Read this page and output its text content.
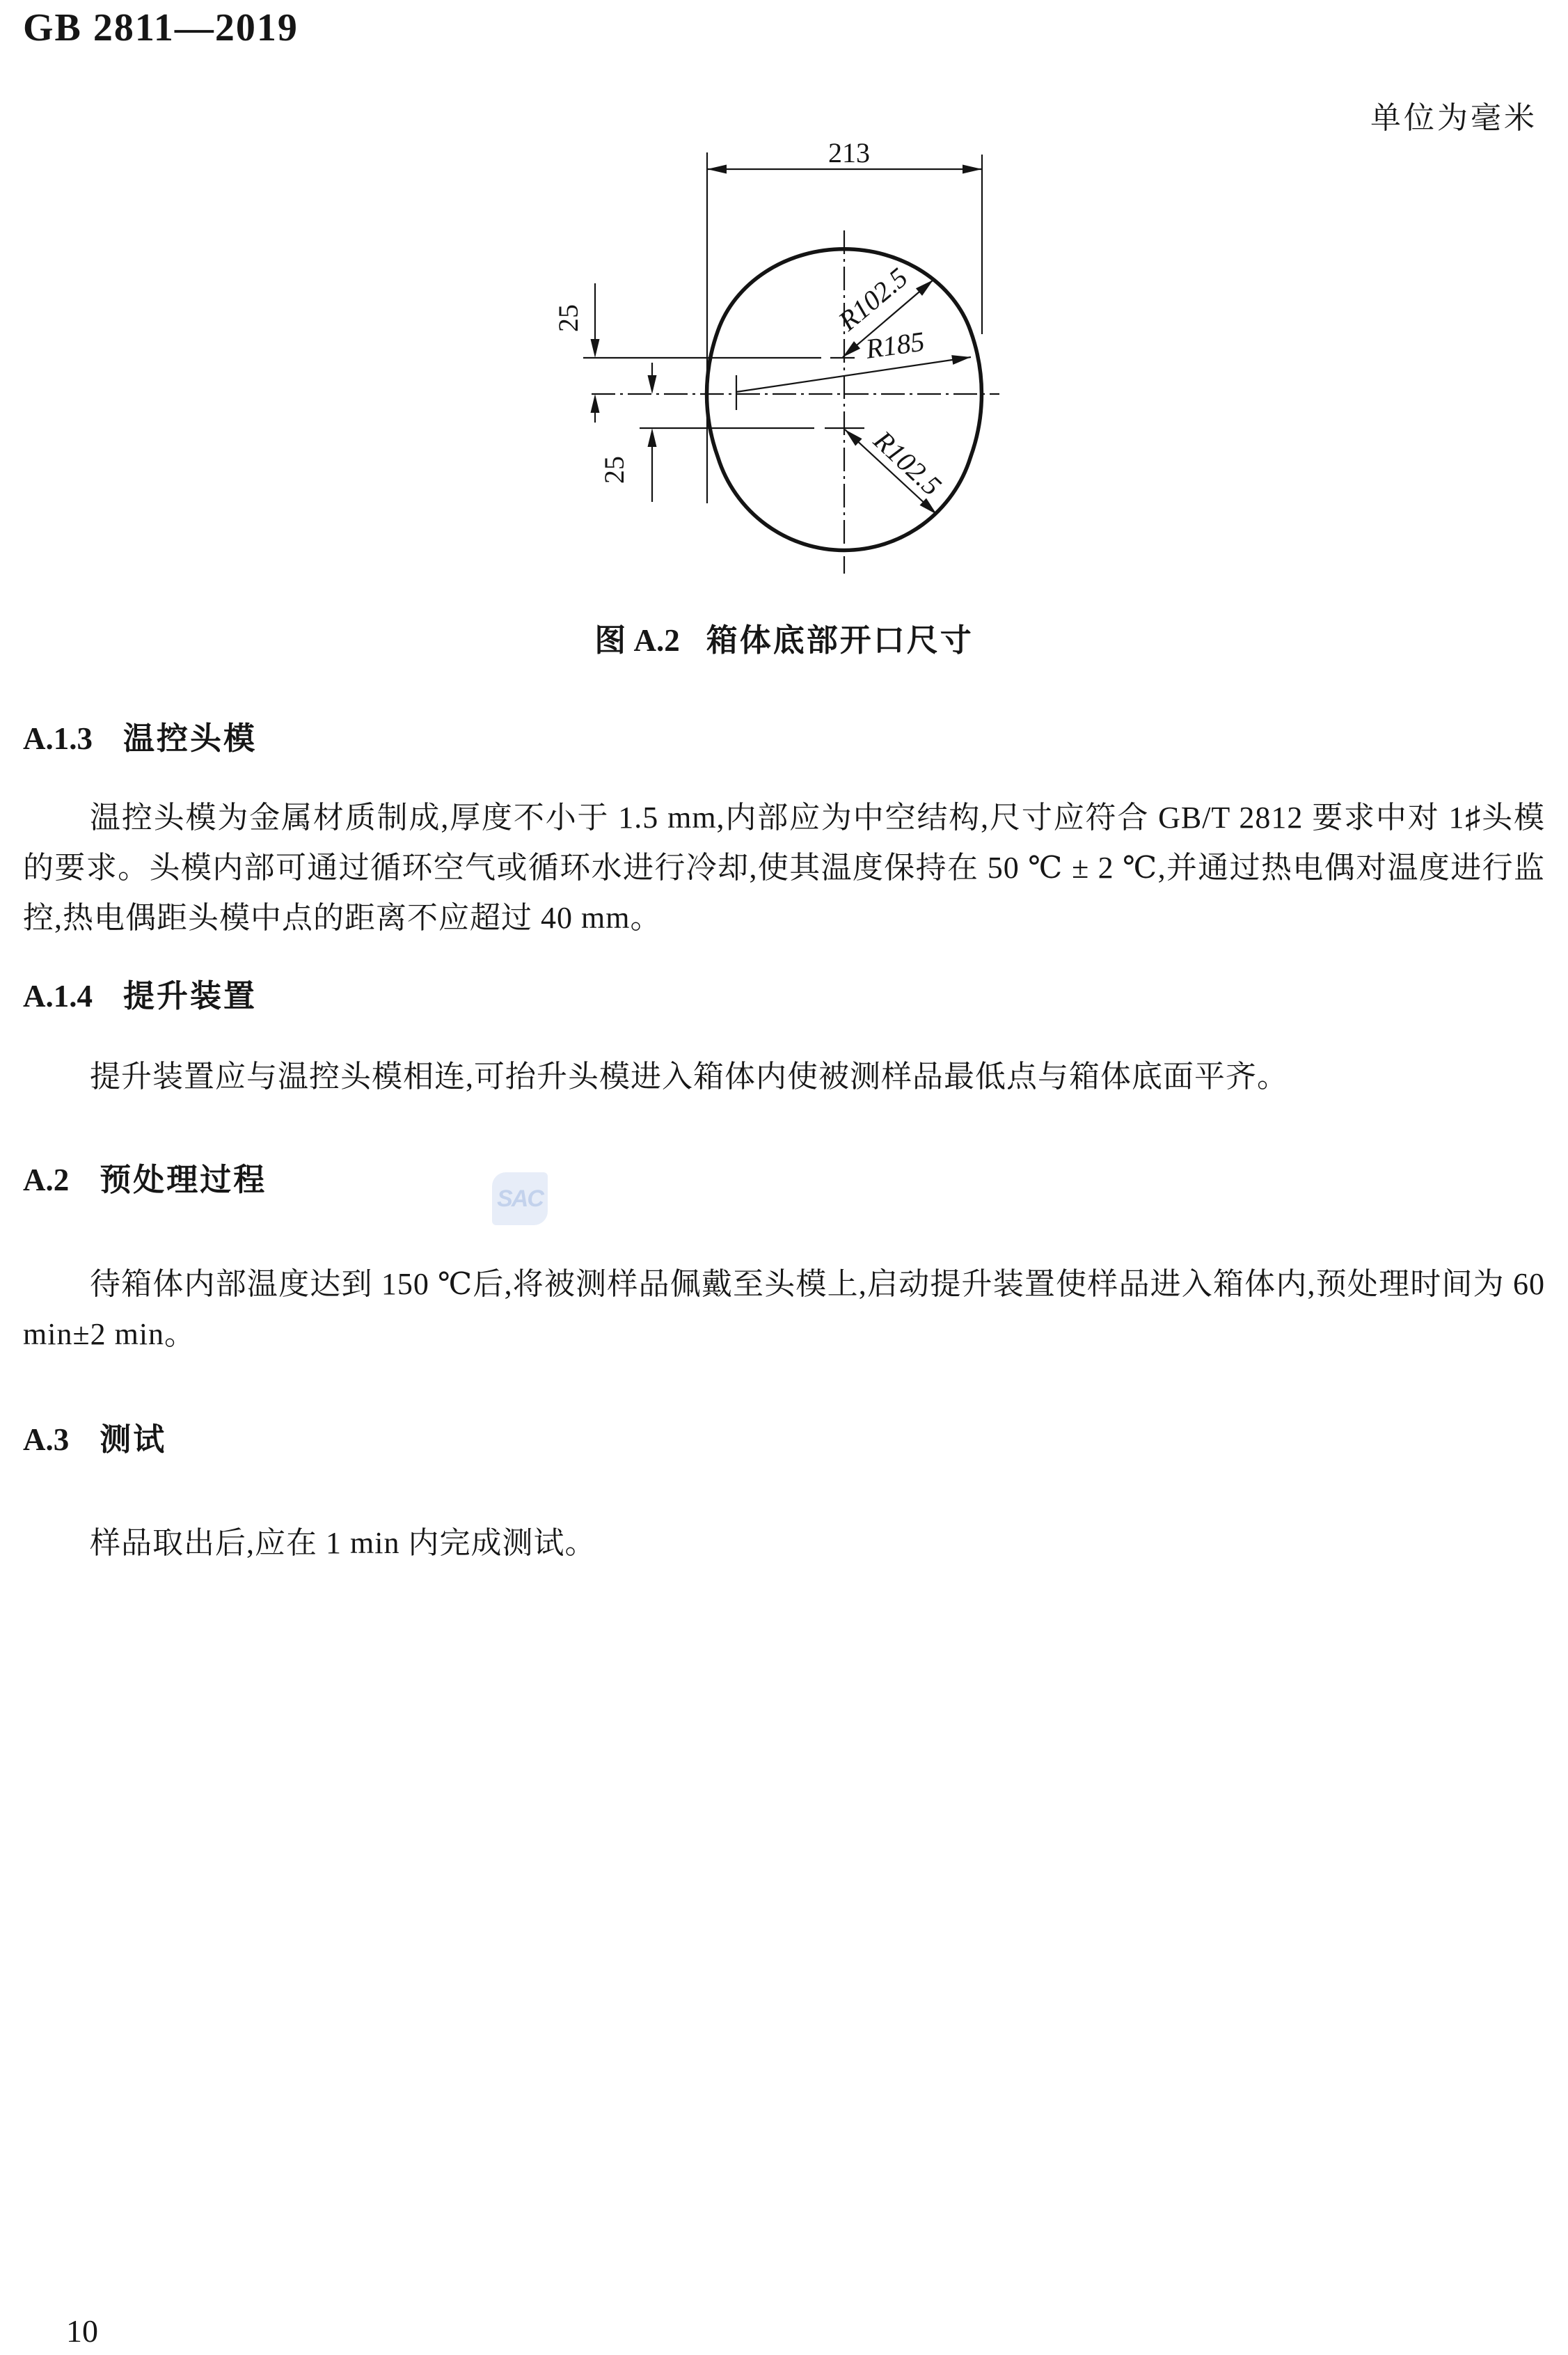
GB 2811—2019
单位为毫米
213
25
25
R102.5
R185
R102.5
图 A.2 箱体底部开口尺寸
A.1.3 温控头模

温控头模为金属材质制成,厚度不小于 1.5 mm,内部应为中空结构,尺寸应符合 GB/T 2812 要求中对 1♯头模的要求。头模内部可通过循环空气或循环水进行冷却,使其温度保持在 50 ℃ ± 2 ℃,并通过热电偶对温度进行监控,热电偶距头模中点的距离不应超过 40 mm。

A.1.4 提升装置

提升装置应与温控头模相连,可抬升头模进入箱体内使被测样品最低点与箱体底面平齐。

A.2 预处理过程
SAC

待箱体内部温度达到 150 ℃后,将被测样品佩戴至头模上,启动提升装置使样品进入箱体内,预处理时间为 60 min±2 min。

A.3 测试

样品取出后,应在 1 min 内完成测试。

10
